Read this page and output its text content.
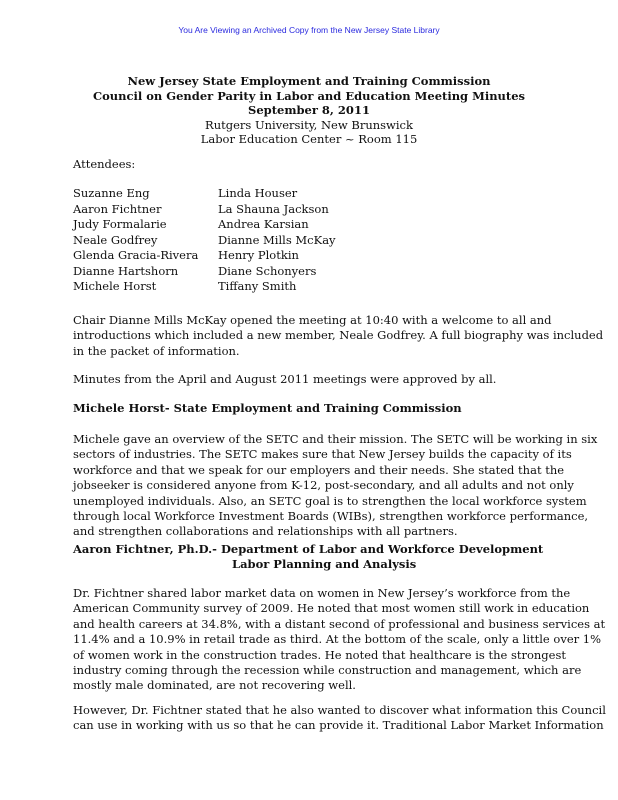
You Are Viewing an Archived Copy from the New Jersey State Library
New Jersey State Employment and Training Commission
Council on Gender Parity in Labor and Education Meeting Minutes
September 8, 2011
Rutgers University, New Brunswick
Labor Education Center ~ Room 115
Attendees:
Suzanne Eng
Aaron Fichtner
Judy Formalarie
Neale Godfrey
Glenda Gracia-Rivera
Dianne Hartshorn
Michele Horst
Linda Houser
La Shauna Jackson
Andrea Karsian
Dianne Mills McKay
Henry Plotkin
Diane Schonyers
Tiffany Smith
Chair Dianne Mills McKay opened the meeting at 10:40 with a welcome to all and
introductions which included a new member, Neale Godfrey. A full biography was included
in the packet of information.
Minutes from the April and August 2011 meetings were approved by all.
Michele Horst- State Employment and Training Commission
Michele gave an overview of the SETC and their mission. The SETC will be working in six
sectors of industries. The SETC makes sure that New Jersey builds the capacity of its
workforce and that we speak for our employers and their needs. She stated that the
jobseeker is considered anyone from K-12, post-secondary, and all adults and not only
unemployed individuals. Also, an SETC goal is to strengthen the local workforce system
through local Workforce Investment Boards (WIBs), strengthen workforce performance,
and strengthen collaborations and relationships with all partners.
Aaron Fichtner, Ph.D.- Department of Labor and Workforce Development
Labor Planning and Analysis
Dr. Fichtner shared labor market data on women in New Jersey’s workforce from the
American Community survey of 2009. He noted that most women still work in education
and health careers at 34.8%, with a distant second of professional and business services at
11.4% and a 10.9% in retail trade as third. At the bottom of the scale, only a little over 1%
of women work in the construction trades. He noted that healthcare is the strongest
industry coming through the recession while construction and management, which are
mostly male dominated, are not recovering well.
However, Dr. Fichtner stated that he also wanted to discover what information this Council
can use in working with us so that he can provide it. Traditional Labor Market Information
